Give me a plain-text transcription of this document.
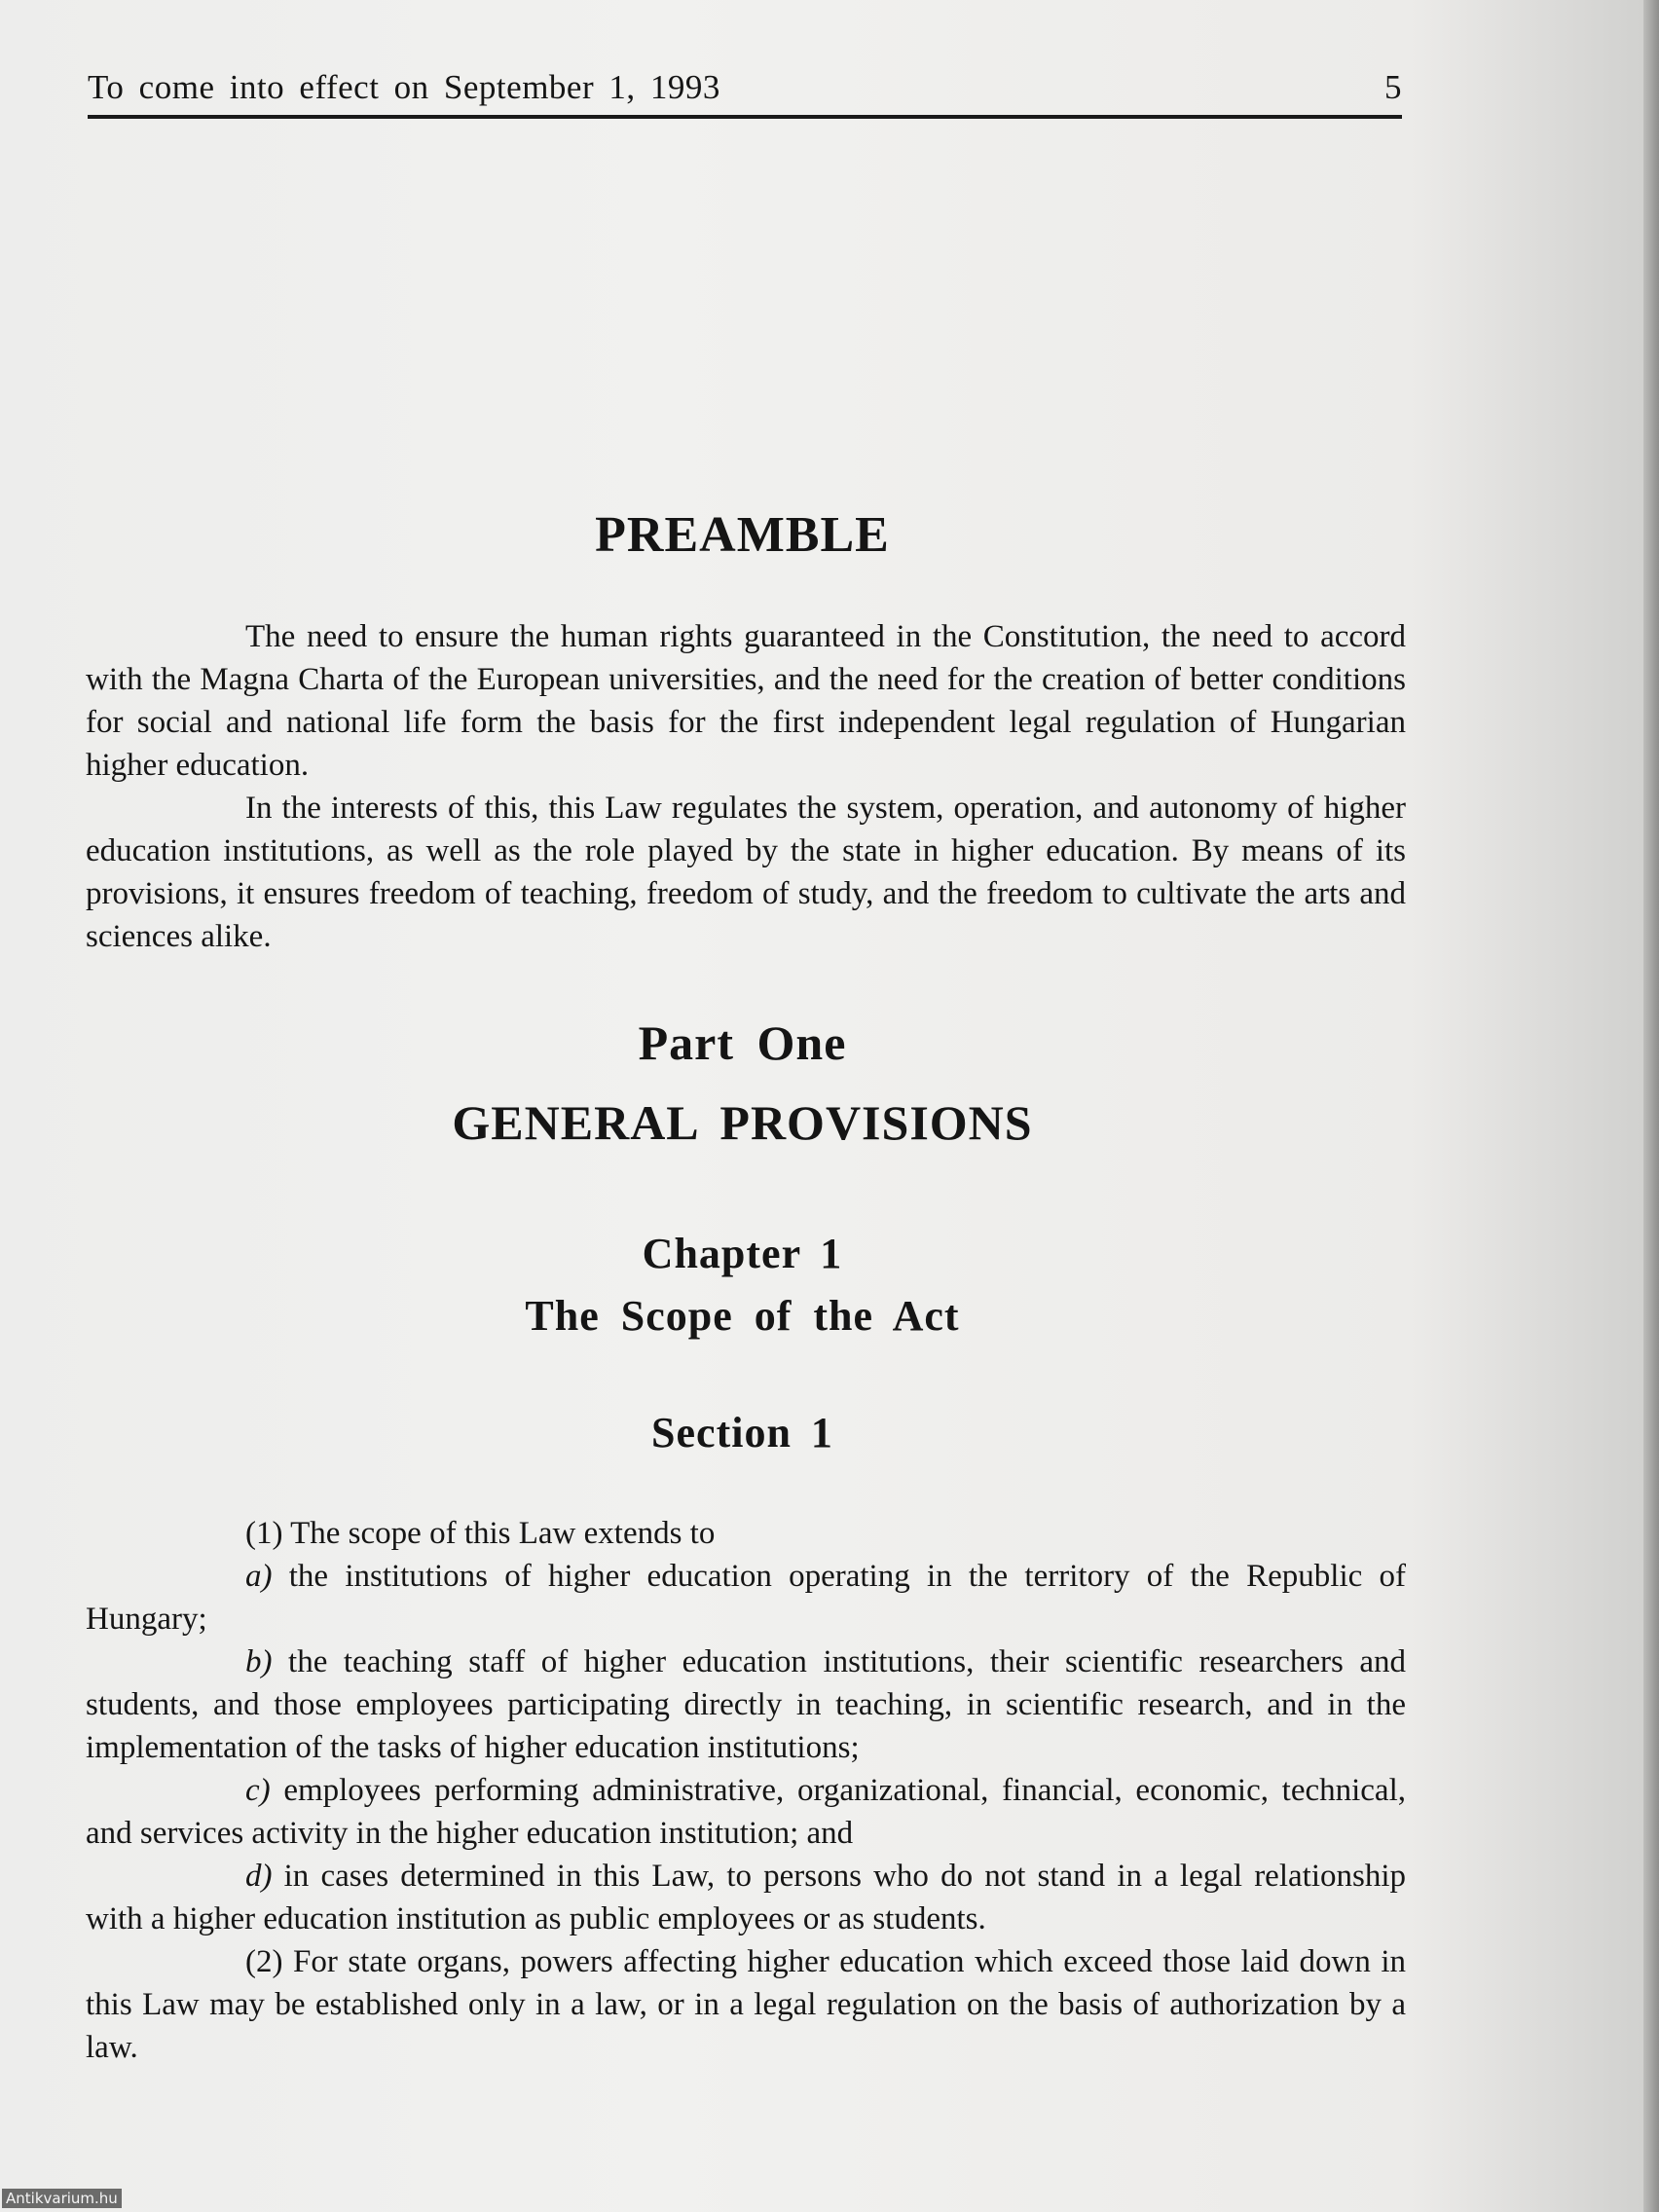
To come into effect on September 1, 1993	5
PREAMBLE

The need to ensure the human rights guaranteed in the Constitution, the need to accord with the Magna Charta of the European universities, and the need for the creation of better conditions for social and national life form the basis for the first independent legal regulation of Hungarian higher education.

In the interests of this, this Law regulates the system, operation, and autonomy of higher education institutions, as well as the role played by the state in higher education. By means of its provisions, it ensures freedom of teaching, freedom of study, and the freedom to cultivate the arts and sciences alike.

Part One
GENERAL PROVISIONS
Chapter 1
The Scope of the Act
Section 1

(1) The scope of this Law extends to

a) the institutions of higher education operating in the territory of the Republic of Hungary;

b) the teaching staff of higher education institutions, their scientific researchers and students, and those employees participating directly in teaching, in scientific research, and in the implementation of the tasks of higher education institutions;

c) employees performing administrative, organizational, financial, economic, technical, and services activity in the higher education institution; and

d) in cases determined in this Law, to persons who do not stand in a legal relationship with a higher education institution as public employees or as students.

(2) For state organs, powers affecting higher education which exceed those laid down in this Law may be established only in a law, or in a legal regulation on the basis of authorization by a law.

Antikvarium.hu
